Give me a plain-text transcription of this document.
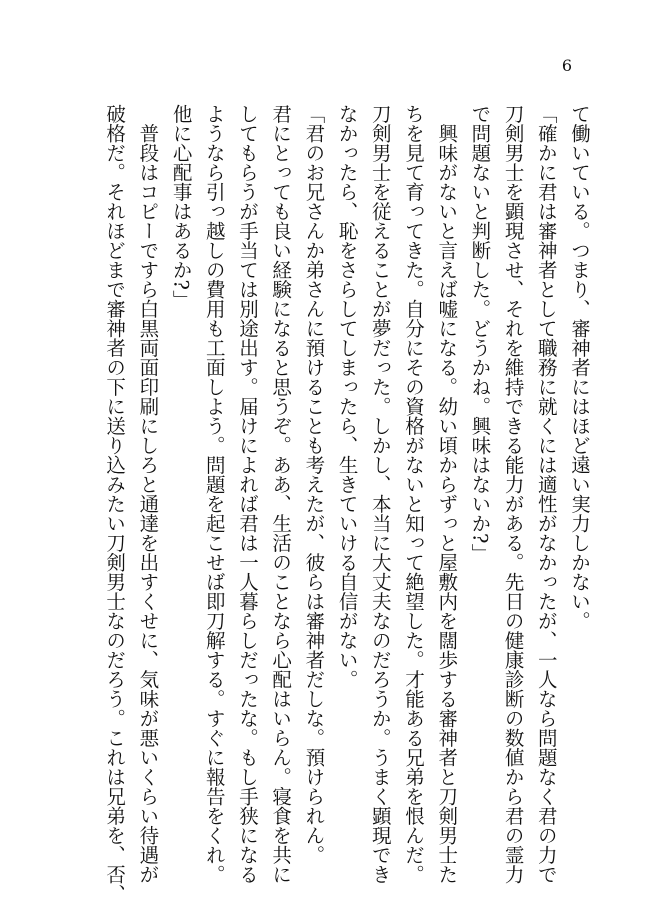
6
て働いている。つまり、審神者にはほど遠い実力しかない。
「確かに君は審神者として職務に就くには適性がなかったが、一人なら問題なく君の力で
刀剣男士を顕現させ、それを維持できる能力がある。先日の健康診断の数値から君の霊力
で問題ないと判断した。どうかね。興味はないか?」
　興味がないと言えば嘘になる。幼い頃からずっと屋敷内を闊歩する審神者と刀剣男士た
ちを見て育ってきた。自分にその資格がないと知って絶望した。才能ある兄弟を恨んだ。
刀剣男士を従えることが夢だった。しかし、本当に大丈夫なのだろうか。うまく顕現でき
なかったら、恥をさらしてしまったら、生きていける自信がない。
「君のお兄さんか弟さんに預けることも考えたが、彼らは審神者だしな。預けられん。
君にとっても良い経験になると思うぞ。ああ、生活のことなら心配はいらん。寝食を共に
してもらうが手当ては別途出す。届けによれば君は一人暮らしだったな。もし手狭になる
ようなら引っ越しの費用も工面しよう。問題を起こせば即刀解する。すぐに報告をくれ。
他に心配事はあるか?」
　普段はコピーですら白黒両面印刷にしろと通達を出すくせに、気味が悪いくらい待遇が
破格だ。それほどまで審神者の下に送り込みたい刀剣男士なのだろう。これは兄弟を、否、
